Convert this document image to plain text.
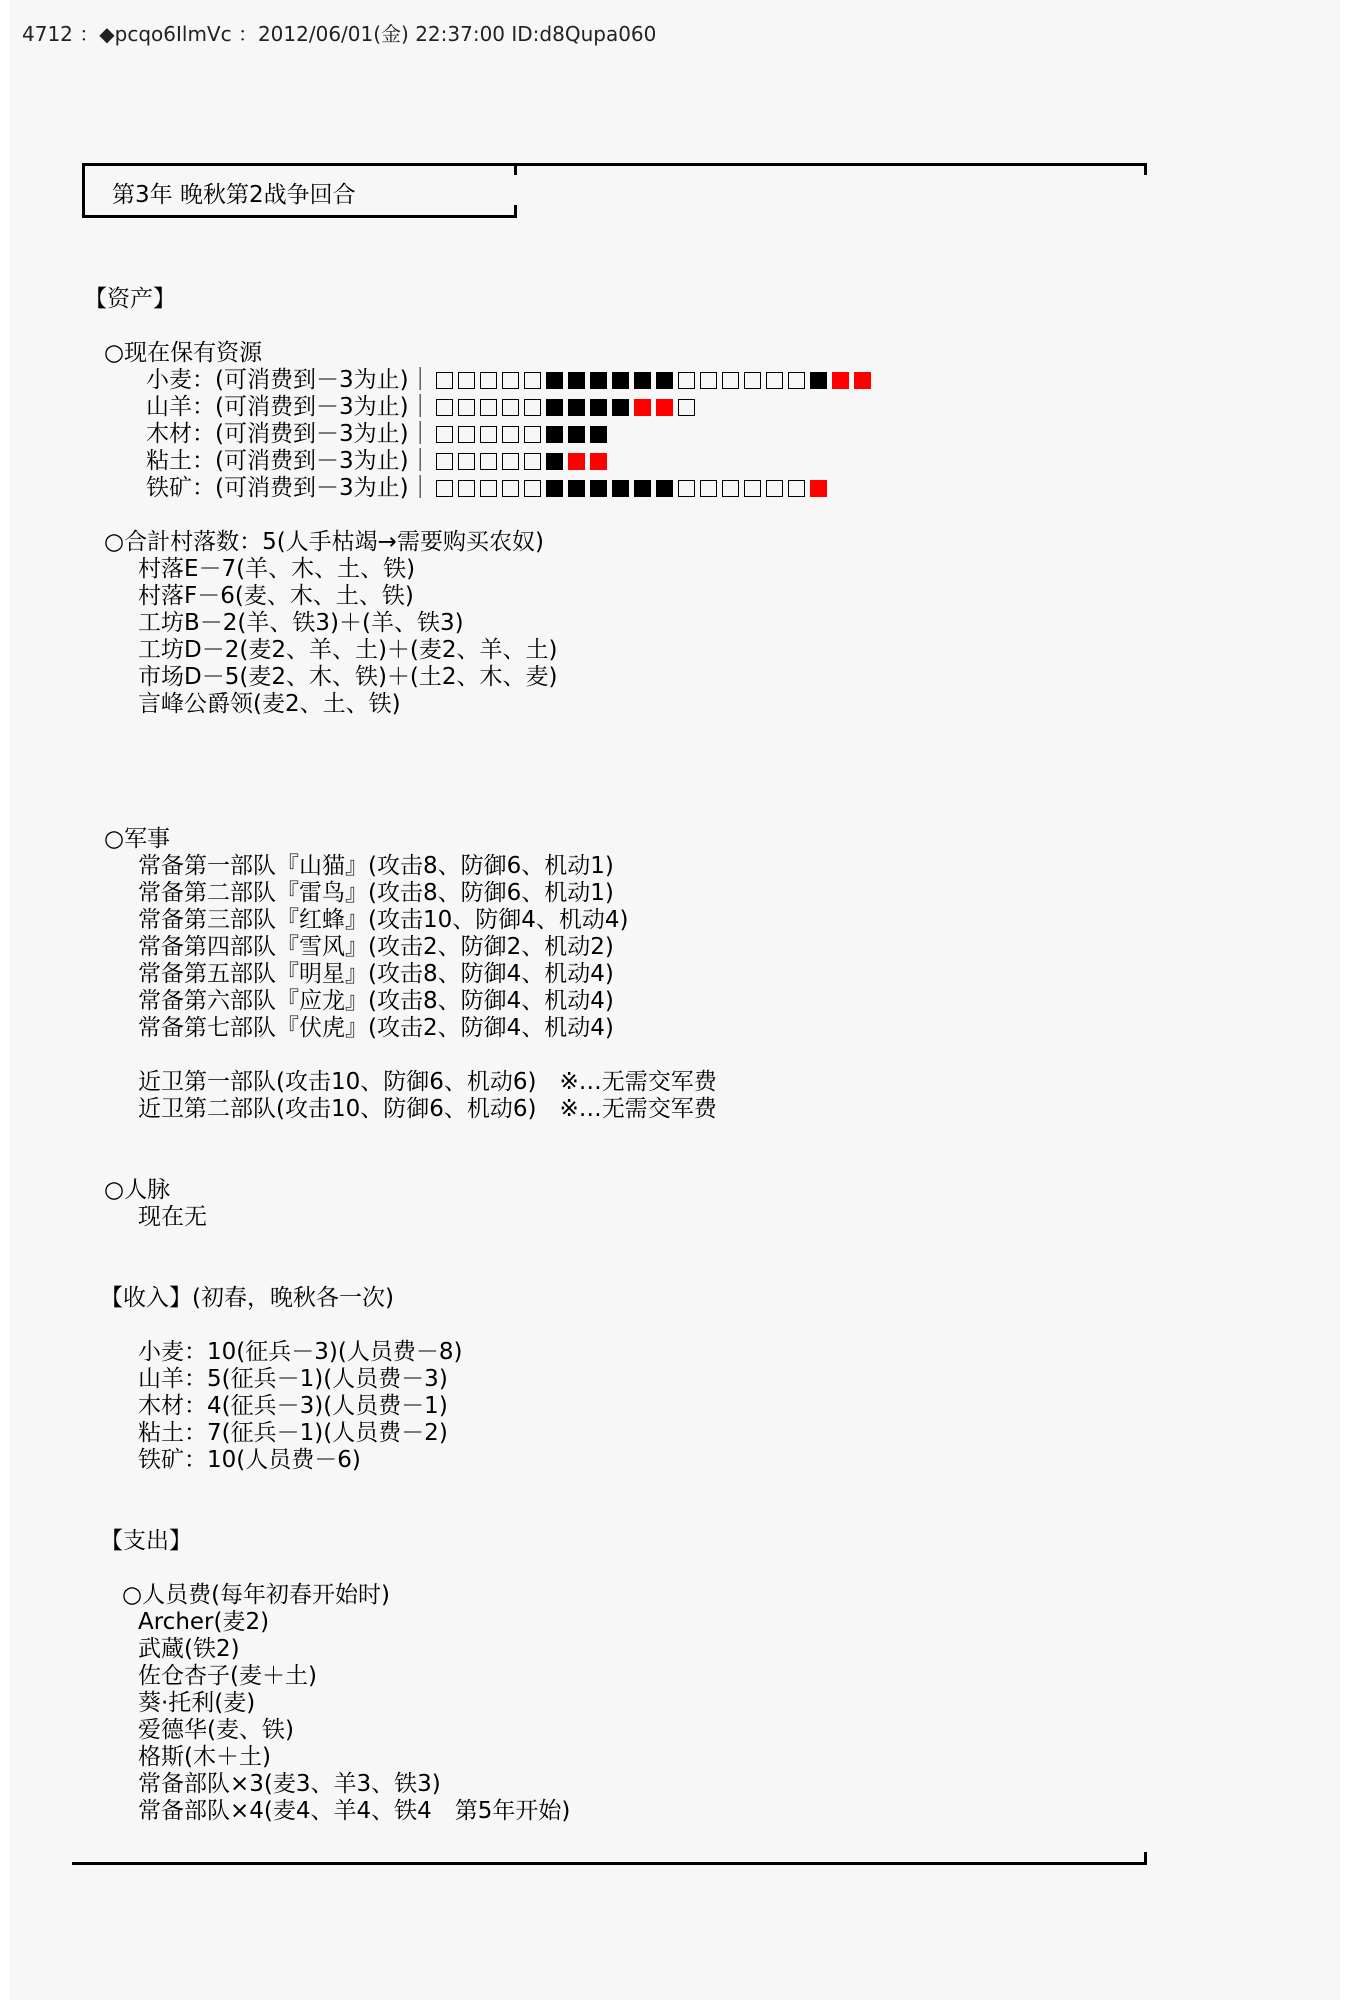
4712 ：◆pcqo6IlmVc ：2012/06/01(金) 22:37:00 ID:d8Qupa060
第3年 晚秋第2战争回合
【资产】
○现在保有资源
小麦：(可消费到－3为止)｜
山羊：(可消费到－3为止)｜
木材：(可消费到－3为止)｜
粘土：(可消费到－3为止)｜
铁矿：(可消费到－3为止)｜
○合計村落数：5(人手枯竭→需要购买农奴)
村落E－7(羊、木、土、铁)
村落F－6(麦、木、土、铁)
工坊B－2(羊、铁3)＋(羊、铁3)
工坊D－2(麦2、羊、土)＋(麦2、羊、土)
市场D－5(麦2、木、铁)＋(土2、木、麦)
言峰公爵领(麦2、土、铁)
○军事
常备第一部队『山猫』(攻击8、防御6、机动1)
常备第二部队『雷鸟』(攻击8、防御6、机动1)
常备第三部队『红蜂』(攻击10、防御4、机动4)
常备第四部队『雪风』(攻击2、防御2、机动2)
常备第五部队『明星』(攻击8、防御4、机动4)
常备第六部队『应龙』(攻击8、防御4、机动4)
常备第七部队『伏虎』(攻击2、防御4、机动4)
近卫第一部队(攻击10、防御6、机动6)　※…无需交军费
近卫第二部队(攻击10、防御6、机动6)　※…无需交军费
○人脉
现在无
【收入】(初春，晚秋各一次)
小麦：10(征兵－3)(人员费－8)
山羊：5(征兵－1)(人员费－3)
木材：4(征兵－3)(人员费－1)
粘土：7(征兵－1)(人员费－2)
铁矿：10(人员费－6)
【支出】
○人员费(每年初春开始时)
Archer(麦2)
武蔵(铁2)
佐仓杏子(麦＋土)
葵·托利(麦)
爱德华(麦、铁)
格斯(木＋土)
常备部队×3(麦3、羊3、铁3)
常备部队×4(麦4、羊4、铁4　第5年开始)
